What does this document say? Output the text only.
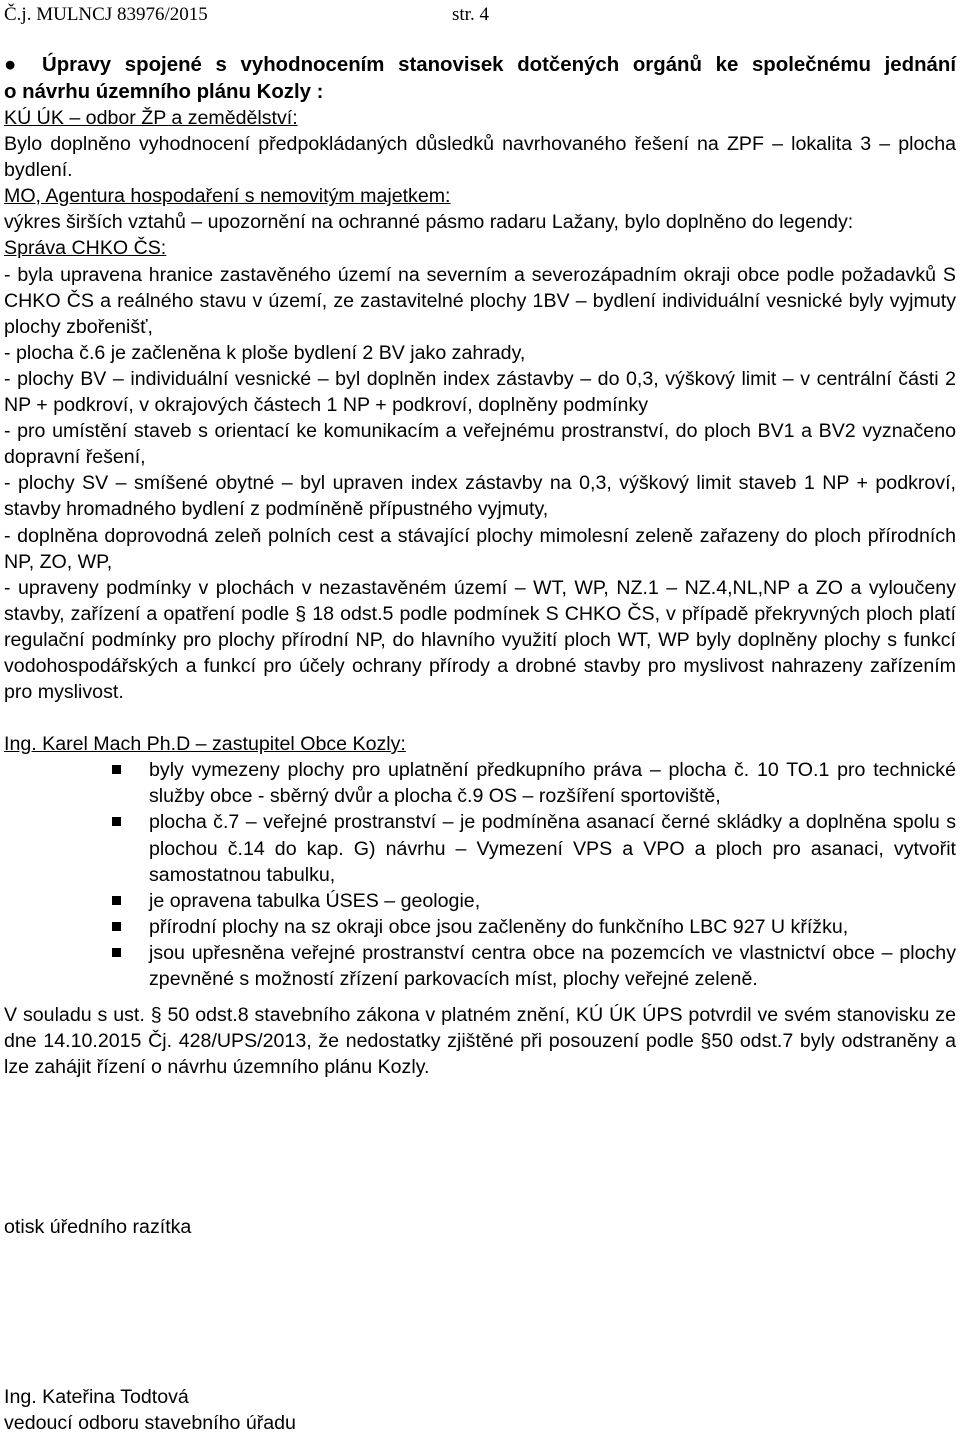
Č.j. MULNCJ 83976/2015	str. 4

● Úpravy spojené s vyhodnocením stanovisek dotčených orgánů ke společnému jednání

o návrhu územního plánu Kozly :

KÚ ÚK – odbor ŽP a zemědělství:

Bylo doplněno vyhodnocení předpokládaných důsledků navrhovaného řešení na ZPF – lokalita 3 – plocha bydlení.

MO, Agentura hospodaření s nemovitým majetkem:

výkres širších vztahů – upozornění na ochranné pásmo radaru Lažany, bylo doplněno do legendy:

Správa CHKO ČS:

- byla upravena hranice zastavěného území na severním a severozápadním okraji obce podle požadavků S CHKO ČS a reálného stavu v území, ze zastavitelné plochy 1BV – bydlení individuální vesnické byly vyjmuty plochy zbořenišť,

- plocha č.6 je začleněna k ploše bydlení 2 BV jako zahrady,

- plochy BV – individuální vesnické – byl doplněn index zástavby – do 0,3, výškový limit – v centrální části 2 NP + podkroví, v okrajových částech 1 NP + podkroví, doplněny podmínky

- pro umístění staveb s orientací ke komunikacím a veřejnému prostranství, do ploch BV1 a BV2 vyznačeno dopravní řešení,

- plochy SV – smíšené obytné – byl upraven index zástavby na 0,3, výškový limit staveb 1 NP + podkroví, stavby hromadného bydlení z podmíněně přípustného vyjmuty,

- doplněna doprovodná zeleň polních cest a stávající plochy mimolesní zeleně zařazeny do ploch přírodních NP, ZO, WP,

- upraveny podmínky v plochách v nezastavěném území – WT, WP, NZ.1 – NZ.4,NL,NP a ZO a vyloučeny stavby, zařízení a opatření podle § 18 odst.5 podle podmínek S CHKO ČS, v případě překryvných ploch platí regulační podmínky pro plochy přírodní NP, do hlavního využití ploch WT, WP byly doplněny plochy s funkcí vodohospodářských a funkcí pro účely ochrany přírody a drobné stavby pro myslivost nahrazeny zařízením pro myslivost.

Ing. Karel Mach Ph.D – zastupitel Obce Kozly:

byly vymezeny plochy pro uplatnění předkupního práva – plocha č. 10 TO.1 pro technické služby obce - sběrný dvůr a plocha č.9 OS – rozšíření sportoviště,
plocha č.7 – veřejné prostranství – je podmíněna asanací černé skládky a doplněna spolu s plochou č.14 do kap. G) návrhu – Vymezení VPS a VPO a ploch pro asanaci, vytvořit samostatnou tabulku,
je opravena tabulka ÚSES – geologie,
přírodní plochy na sz okraji obce jsou začleněny do funkčního LBC 927 U křížku,
jsou upřesněna veřejné prostranství centra obce na pozemcích ve vlastnictví obce – plochy zpevněné s možností zřízení parkovacích míst, plochy veřejné zeleně.

V souladu s ust. § 50 odst.8 stavebního zákona v platném znění, KÚ ÚK ÚPS potvrdil ve svém stanovisku ze dne 14.10.2015 Čj. 428/UPS/2013, že nedostatky zjištěné při posouzení podle §50 odst.7 byly odstraněny a lze zahájit řízení o návrhu územního plánu Kozly.

otisk úředního razítka
Ing. Kateřina Todtová
vedoucí odboru stavebního úřadu
